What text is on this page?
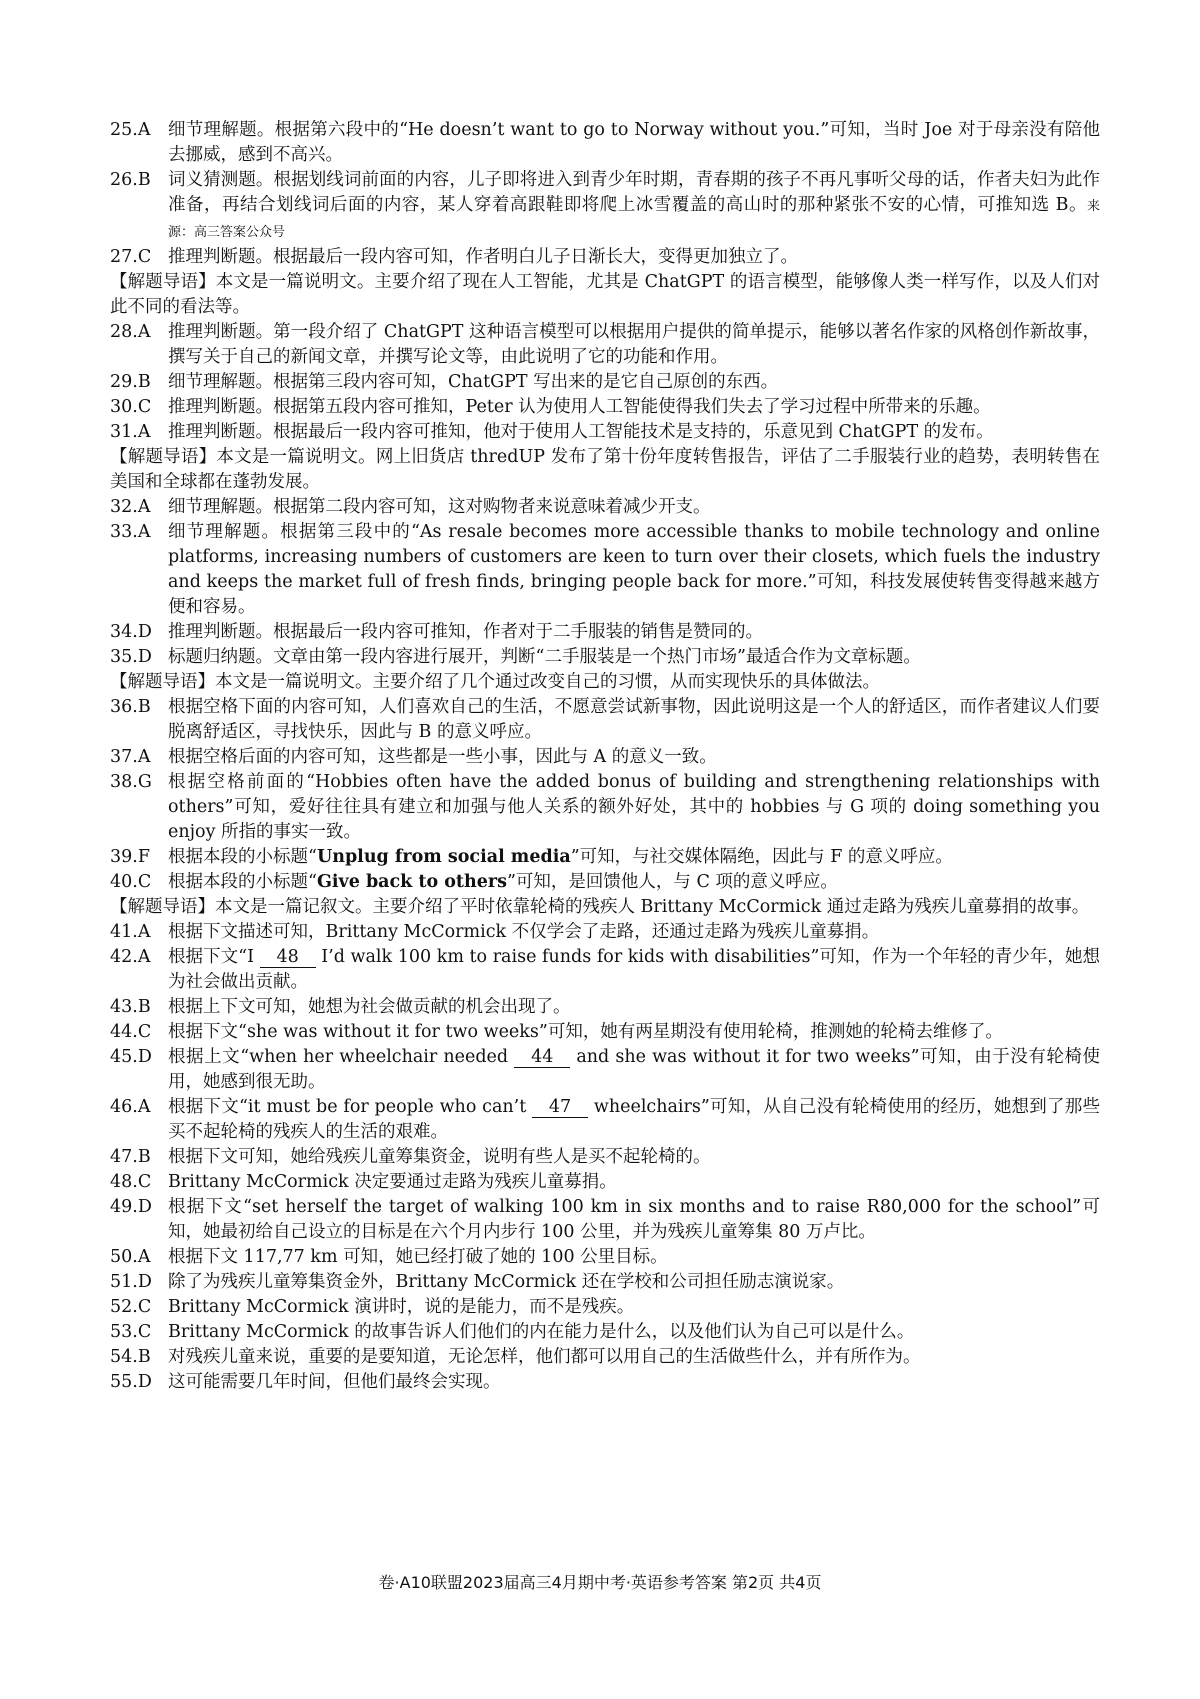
25.A	细节理解题。根据第六段中的“He doesn’t want to go to Norway without you.”可知，当时 Joe 对于母亲没有陪他去挪威，感到不高兴。
26.B 词义猜测题。根据划线词前面的内容，儿子即将进入到青少年时期，青春期的孩子不再凡事听父母的话，作者夫妇为此作准备，再结合划线词后面的内容，某人穿着高跟鞋即将爬上冰雪覆盖的高山时的那种紧张不安的心情，可推知选 B。来源：高三答案公众号
27.C 推理判断题。根据最后一段内容可知，作者明白儿子日渐长大，变得更加独立了。
【解题导语】本文是一篇说明文。主要介绍了现在人工智能，尤其是 ChatGPT 的语言模型，能够像人类一样写作，以及人们对此不同的看法等。
28.A	推理判断题。第一段介绍了 ChatGPT 这种语言模型可以根据用户提供的简单提示，能够以著名作家的风格创作新故事，撰写关于自己的新闻文章，并撰写论文等，由此说明了它的功能和作用。
29.B 细节理解题。根据第三段内容可知，ChatGPT 写出来的是它自己原创的东西。
30.C 推理判断题。根据第五段内容可推知，Peter 认为使用人工智能使得我们失去了学习过程中所带来的乐趣。
31.A	推理判断题。根据最后一段内容可推知，他对于使用人工智能技术是支持的，乐意见到 ChatGPT 的发布。
【解题导语】本文是一篇说明文。网上旧货店 thredUP 发布了第十份年度转售报告，评估了二手服装行业的趋势，表明转售在美国和全球都在蓬勃发展。
32.A	细节理解题。根据第二段内容可知，这对购物者来说意味着减少开支。
33.A	细节理解题。根据第三段中的“As resale becomes more accessible thanks to mobile technology and online platforms, increasing numbers of customers are keen to turn over their closets, which fuels the industry and keeps the market full of fresh finds, bringing people back for more.”可知，科技发展使转售变得越来越方便和容易。
34.D 推理判断题。根据最后一段内容可推知，作者对于二手服装的销售是赞同的。
35.D 标题归纳题。文章由第一段内容进行展开，判断“二手服装是一个热门市场”最适合作为文章标题。
【解题导语】本文是一篇说明文。主要介绍了几个通过改变自己的习惯，从而实现快乐的具体做法。
36.B 根据空格下面的内容可知，人们喜欢自己的生活，不愿意尝试新事物，因此说明这是一个人的舒适区，而作者建议人们要脱离舒适区，寻找快乐，因此与 B 的意义呼应。
37.A	根据空格后面的内容可知，这些都是一些小事，因此与 A 的意义一致。
38.G 根据空格前面的“Hobbies often have the added bonus of building and strengthening relationships with others”可知，爱好往往具有建立和加强与他人关系的额外好处，其中的 hobbies 与 G 项的 doing something you enjoy 所指的事实一致。
39.F	根据本段的小标题“Unplug from social media”可知，与社交媒体隔绝，因此与 F 的意义呼应。
40.C 根据本段的小标题“Give back to others”可知，是回馈他人，与 C 项的意义呼应。
【解题导语】本文是一篇记叙文。主要介绍了平时依靠轮椅的残疾人 Brittany McCormick 通过走路为残疾儿童募捐的故事。
41.A	根据下文描述可知，Brittany McCormick 不仅学会了走路，还通过走路为残疾儿童募捐。
42.A	根据下文“I 48 I’d walk 100 km to raise funds for kids with disabilities”可知，作为一个年轻的青少年，她想为社会做出贡献。
43.B 根据上下文可知，她想为社会做贡献的机会出现了。
44.C 根据下文“she was without it for two weeks”可知，她有两星期没有使用轮椅，推测她的轮椅去维修了。
45.D 根据上文“when her wheelchair needed 44 and she was without it for two weeks”可知，由于没有轮椅使用，她感到很无助。
46.A	根据下文“it must be for people who can’t 47 wheelchairs”可知，从自己没有轮椅使用的经历，她想到了那些买不起轮椅的残疾人的生活的艰难。
47.B 根据下文可知，她给残疾儿童筹集资金，说明有些人是买不起轮椅的。
48.C Brittany McCormick 决定要通过走路为残疾儿童募捐。
49.D 根据下文“set herself the target of walking 100 km in six months and to raise R80,000 for the school”可知，她最初给自己设立的目标是在六个月内步行 100 公里，并为残疾儿童筹集 80 万卢比。
50.A	根据下文 117,77 km 可知，她已经打破了她的 100 公里目标。
51.D 除了为残疾儿童筹集资金外，Brittany McCormick 还在学校和公司担任励志演说家。
52.C Brittany McCormick 演讲时，说的是能力，而不是残疾。
53.C Brittany McCormick 的故事告诉人们他们的内在能力是什么，以及他们认为自己可以是什么。
54.B 对残疾儿童来说，重要的是要知道，无论怎样，他们都可以用自己的生活做些什么，并有所作为。
55.D 这可能需要几年时间，但他们最终会实现。
卷·A10联盟2023届高三4月期中考·英语参考答案 第2页 共4页
